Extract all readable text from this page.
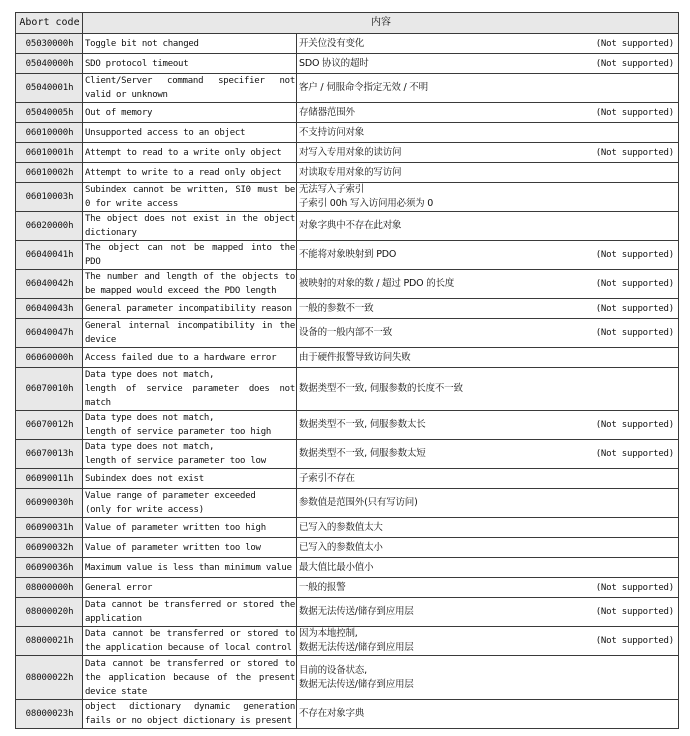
Abort code	内容	
05030000h	Toggle bit not changed	开关位没有变化 (Not supported)

05040000h	SDO protocol timeout	SDO 协议的超时 (Not supported)

05040001h	Client/Server command specifier not valid or unknown	客户 / 伺服命令指定无效 / 不明
05040005h	Out of memory	存储器范围外 (Not supported)

06010000h	Unsupported access to an object	不支持访问对象
06010001h	Attempt to read to a write only object	对写入专用对象的读访问 (Not supported)

06010002h	Attempt to write to a read only object	对读取专用对象的写访问
06010003h	Subindex cannot be written, SI0 must be 0 for write access	无法写入子索引
子索引 00h 写入访问用必须为 0
06020000h	The object does not exist in the object dictionary	对象字典中不存在此对象
06040041h	The object can not be mapped into the PDO	不能将对象映射到 PDO (Not supported)

06040042h	The number and length of the objects to be mapped would exceed the PDO length	被映射的对象的数 / 超过 PDO 的长度 (Not supported)

06040043h	General parameter incompatibility reason	一般的参数不一致 (Not supported)

06040047h	General internal incompatibility in the device	设备的一般内部不一致 (Not supported)

06060000h	Access failed due to a hardware error	由于硬件报警导致访问失败
06070010h	Data type does not match,
length of service parameter does not match	数据类型不一致, 伺服参数的长度不一致
06070012h	Data type does not match,
length of service parameter too high	数据类型不一致, 伺服参数太长 (Not supported)

06070013h	Data type does not match,
length of service parameter too low	数据类型不一致, 伺服参数太短 (Not supported)

06090011h	Subindex does not exist	子索引不存在
06090030h	Value range of parameter exceeded
(only for write access)	参数值是范围外(只有写访问)
06090031h	Value of parameter written too high	已写入的参数值太大
06090032h	Value of parameter written too low	已写入的参数值太小
06090036h	Maximum value is less than minimum value	最大值比最小值小
08000000h	General error	一般的报警 (Not supported)

08000020h	Data cannot be transferred or stored the application	数据无法传送/储存到应用层 (Not supported)

08000021h	Data cannot be transferred or stored to the application because of local control	因为本地控制,
数据无法传送/储存到应用层
(Not supported)

08000022h	Data cannot be transferred or stored to the application because of the present device state	目前的设备状态,
数据无法传送/储存到应用层
08000023h	object dictionary dynamic generation fails or no object dictionary is present	不存在对象字典
